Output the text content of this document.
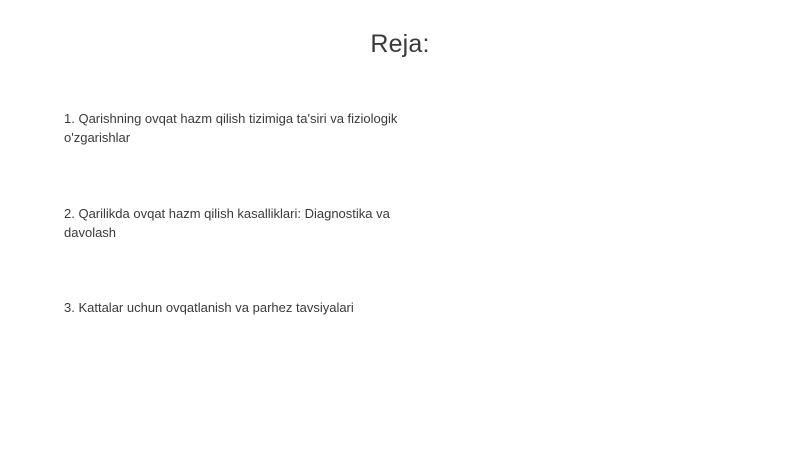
Reja:
1. Qarishning ovqat hazm qilish tizimiga ta'siri va fiziologik o'zgarishlar
2. Qarilikda ovqat hazm qilish kasalliklari: Diagnostika va davolash
3. Kattalar uchun ovqatlanish va parhez tavsiyalari
